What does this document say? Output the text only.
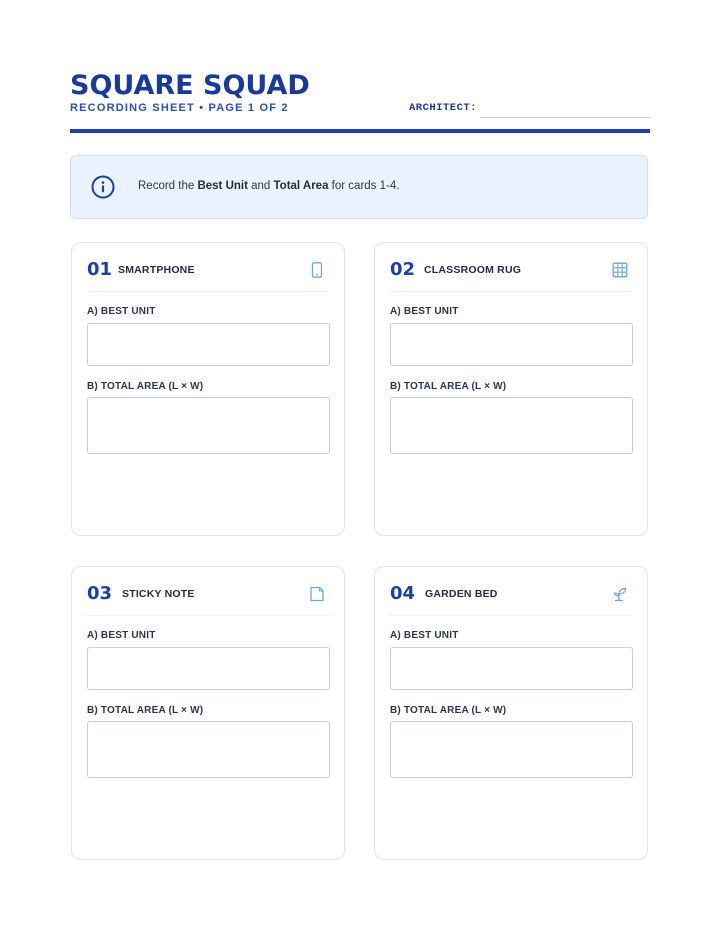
SQUARE SQUAD
RECORDING SHEET • PAGE 1 OF 2	ARCHITECT:
Record the Best Unit and Total Area for cards 1-4.
01 SMARTPHONE
A) BEST UNIT
B) TOTAL AREA (L × W)
02 CLASSROOM RUG
A) BEST UNIT
B) TOTAL AREA (L × W)
03 STICKY NOTE
A) BEST UNIT
B) TOTAL AREA (L × W)
04 GARDEN BED
A) BEST UNIT
B) TOTAL AREA (L × W)
